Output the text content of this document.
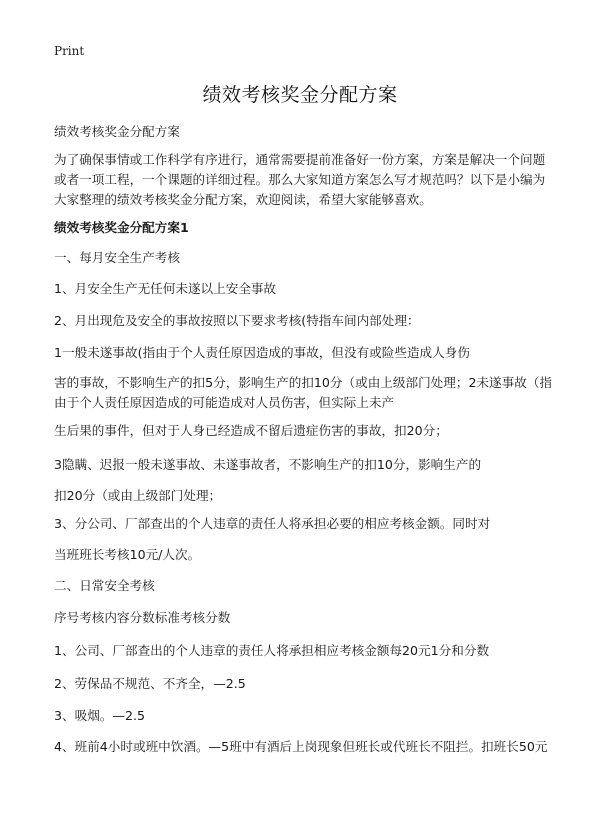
Print
绩效考核奖金分配方案
绩效考核奖金分配方案
为了确保事情或工作科学有序进行，通常需要提前准备好一份方案，方案是解决一个问题或者一项工程，一个课题的详细过程。那么大家知道方案怎么写才规范吗？以下是小编为大家整理的绩效考核奖金分配方案，欢迎阅读，希望大家能够喜欢。
绩效考核奖金分配方案1
一、每月安全生产考核
1、月安全生产无任何未遂以上安全事故
2、月出现危及安全的事故按照以下要求考核(特指车间内部处理：
1一般未遂事故(指由于个人责任原因造成的事故，但没有或险些造成人身伤
害的事故，不影响生产的扣5分，影响生产的扣10分（或由上级部门处理；2未遂事故（指由于个人责任原因造成的可能造成对人员伤害，但实际上未产
生后果的事件，但对于人身已经造成不留后遗症伤害的事故，扣20分；
3隐瞒、迟报一般未遂事故、未遂事故者，不影响生产的扣10分，影响生产的
扣20分（或由上级部门处理；
3、分公司、厂部查出的个人违章的责任人将承担必要的相应考核金额。同时对
当班班长考核10元/人次。
二、日常安全考核
序号考核内容分数标准考核分数
1、公司、厂部查出的个人违章的责任人将承担相应考核金额每20元1分和分数
2、劳保品不规范、不齐全，—2.5
3、吸烟。—2.5
4、班前4小时或班中饮酒。—5班中有酒后上岗现象但班长或代班长不阻拦。扣班长50元
